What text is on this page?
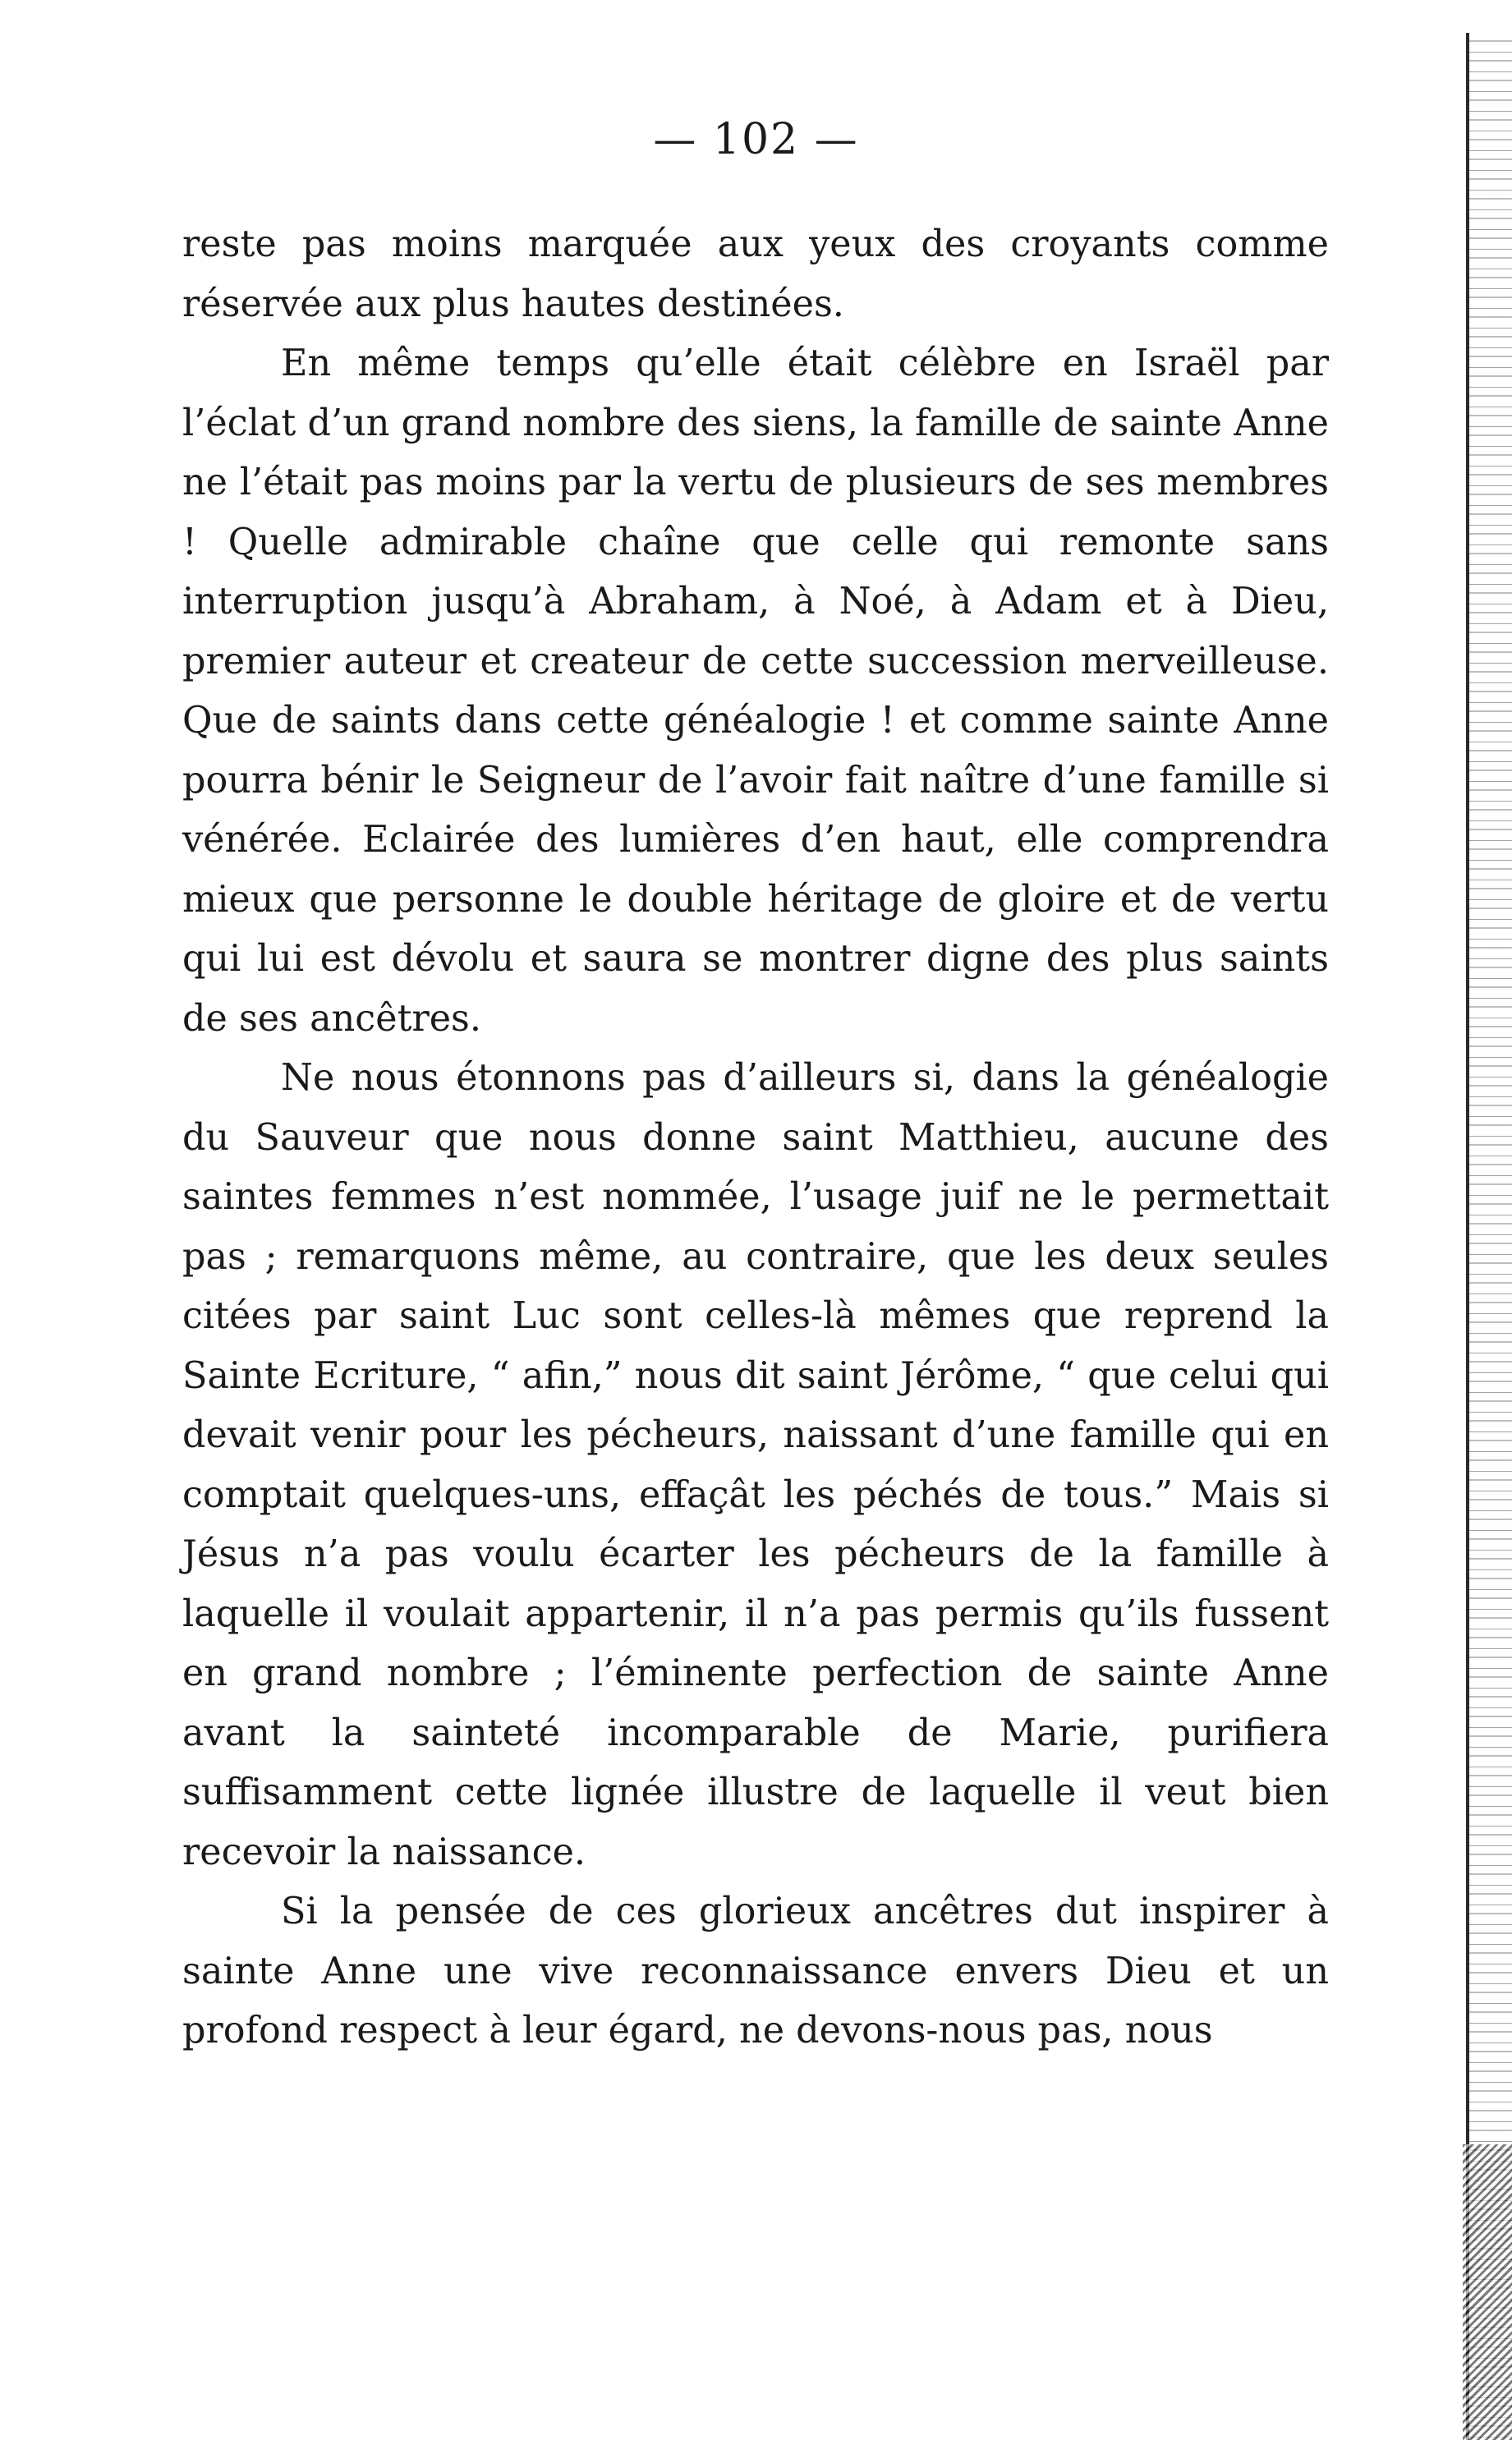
— 102 —

reste pas moins marquée aux yeux des croyants comme réservée aux plus hautes destinées.

En même temps qu’elle était célèbre en Israël par l’éclat d’un grand nombre des siens, la famille de sainte Anne ne l’était pas moins par la vertu de plusieurs de ses membres ! Quelle admirable chaîne que celle qui remonte sans interruption jusqu’à Abraham, à Noé, à Adam et à Dieu, premier auteur et createur de cette succession merveilleuse. Que de saints dans cette généalogie ! et comme sainte Anne pourra bénir le Seigneur de l’avoir fait naître d’une famille si vénérée. Eclairée des lumières d’en haut, elle comprendra mieux que personne le double héritage de gloire et de vertu qui lui est dévolu et saura se montrer digne des plus saints de ses ancêtres.

Ne nous étonnons pas d’ailleurs si, dans la généalogie du Sauveur que nous donne saint Matthieu, aucune des saintes femmes n’est nommée, l’usage juif ne le permettait pas ; remarquons même, au contraire, que les deux seules citées par saint Luc sont celles-là mêmes que reprend la Sainte Ecriture, “ afin,” nous dit saint Jérôme, “ que celui qui devait venir pour les pécheurs, naissant d’une famille qui en comptait quelques-uns, effaçât les péchés de tous.” Mais si Jésus n’a pas voulu écarter les pécheurs de la famille à laquelle il voulait appartenir, il n’a pas permis qu’ils fussent en grand nombre ; l’éminente perfection de sainte Anne avant la sainteté incomparable de Marie, purifiera suffisamment cette lignée illustre de laquelle il veut bien recevoir la naissance.

Si la pensée de ces glorieux ancêtres dut inspirer à sainte Anne une vive reconnaissance envers Dieu et un profond respect à leur égard, ne devons-nous pas, nous
